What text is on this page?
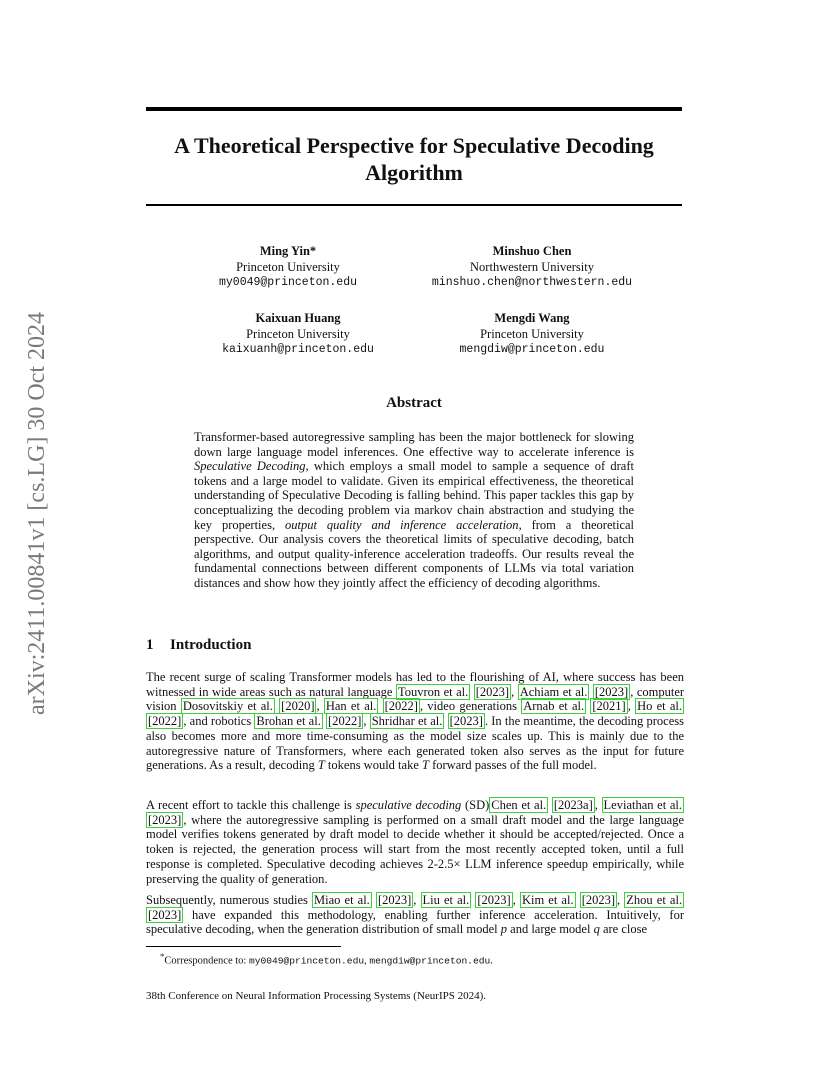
arXiv:2411.00841v1 [cs.LG] 30 Oct 2024
A Theoretical Perspective for Speculative Decoding
Algorithm
Ming Yin*
Princeton University
my0049@princeton.edu
Minshuo Chen
Northwestern University
minshuo.chen@northwestern.edu
Kaixuan Huang
Princeton University
kaixuanh@princeton.edu
Mengdi Wang
Princeton University
mengdiw@princeton.edu
Abstract
Transformer-based autoregressive sampling has been the major bottleneck for slowing down large language model inferences. One effective way to accelerate inference is Speculative Decoding, which employs a small model to sample a sequence of draft tokens and a large model to validate. Given its empirical effectiveness, the theoretical understanding of Speculative Decoding is falling behind. This paper tackles this gap by conceptualizing the decoding problem via markov chain abstraction and studying the key properties, output quality and inference acceleration, from a theoretical perspective. Our analysis covers the theoretical limits of speculative decoding, batch algorithms, and output quality-inference acceleration tradeoffs. Our results reveal the fundamental connections between different components of LLMs via total variation distances and show how they jointly affect the efficiency of decoding algorithms.
1 Introduction

The recent surge of scaling Transformer models has led to the flourishing of AI, where success has been witnessed in wide areas such as natural language Touvron et al. [2023] , Achiam et al. [2023] , computer vision Dosovitskiy et al. [2020] , Han et al. [2022] , video generations Arnab et al. [2021] , Ho et al. [2022] , and robotics Brohan et al. [2022] , Shridhar et al. [2023] . In the meantime, the decoding process also becomes more and more time-consuming as the model size scales up. This is mainly due to the autoregressive nature of Transformers, where each generated token also serves as the input for future generations. As a result, decoding T tokens would take T forward passes of the full model.

A recent effort to tackle this challenge is speculative decoding (SD) Chen et al. [2023a] , Leviathan et al. [2023] , where the autoregressive sampling is performed on a small draft model and the large language model verifies tokens generated by draft model to decide whether it should be accepted/rejected. Once a token is rejected, the generation process will start from the most recently accepted token, until a full response is completed. Speculative decoding achieves 2-2.5× LLM inference speedup empirically, while preserving the quality of generation.

Subsequently, numerous studies Miao et al. [2023] , Liu et al. [2023] , Kim et al. [2023] , Zhou et al. [2023] have expanded this methodology, enabling further inference acceleration. Intuitively, for speculative decoding, when the generation distribution of small model p and large model q are close

*Correspondence to: my0049@princeton.edu, mengdiw@princeton.edu.
38th Conference on Neural Information Processing Systems (NeurIPS 2024).
